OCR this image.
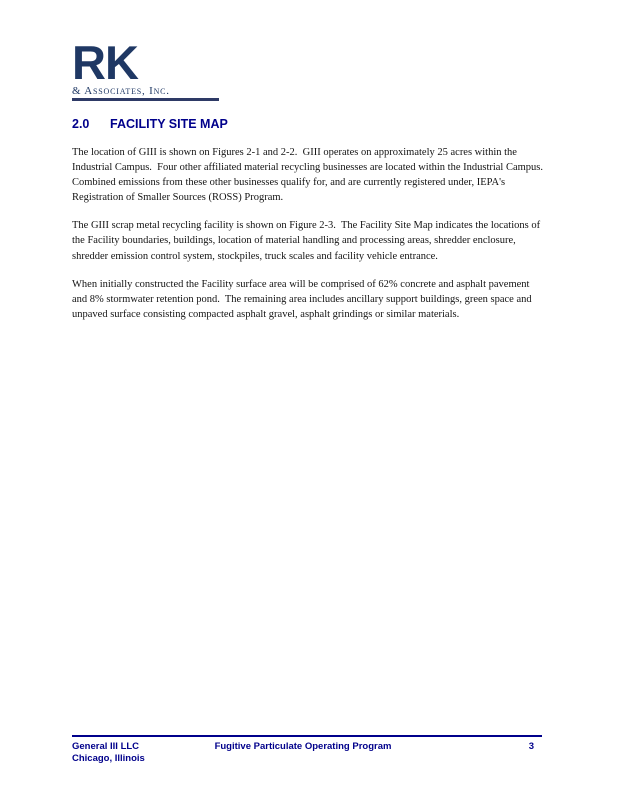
RK
& Associates, Inc.
2.0 FACILITY SITE MAP

The location of GIII is shown on Figures 2-1 and 2-2.  GIII operates on approximately 25 acres within the Industrial Campus.  Four other affiliated material recycling businesses are located within the Industrial Campus.  Combined emissions from these other businesses qualify for, and are currently registered under, IEPA's Registration of Smaller Sources (ROSS) Program.

The GIII scrap metal recycling facility is shown on Figure 2-3.  The Facility Site Map indicates the locations of the Facility boundaries, buildings, location of material handling and processing areas, shredder enclosure, shredder emission control system, stockpiles, truck scales and facility vehicle entrance.

When initially constructed the Facility surface area will be comprised of 62% concrete and asphalt pavement and 8% stormwater retention pond.  The remaining area includes ancillary support buildings, green space and unpaved surface consisting compacted asphalt gravel, asphalt grindings or similar materials.

General III LLC
Chicago, Illinois
Fugitive Particulate Operating Program	3
